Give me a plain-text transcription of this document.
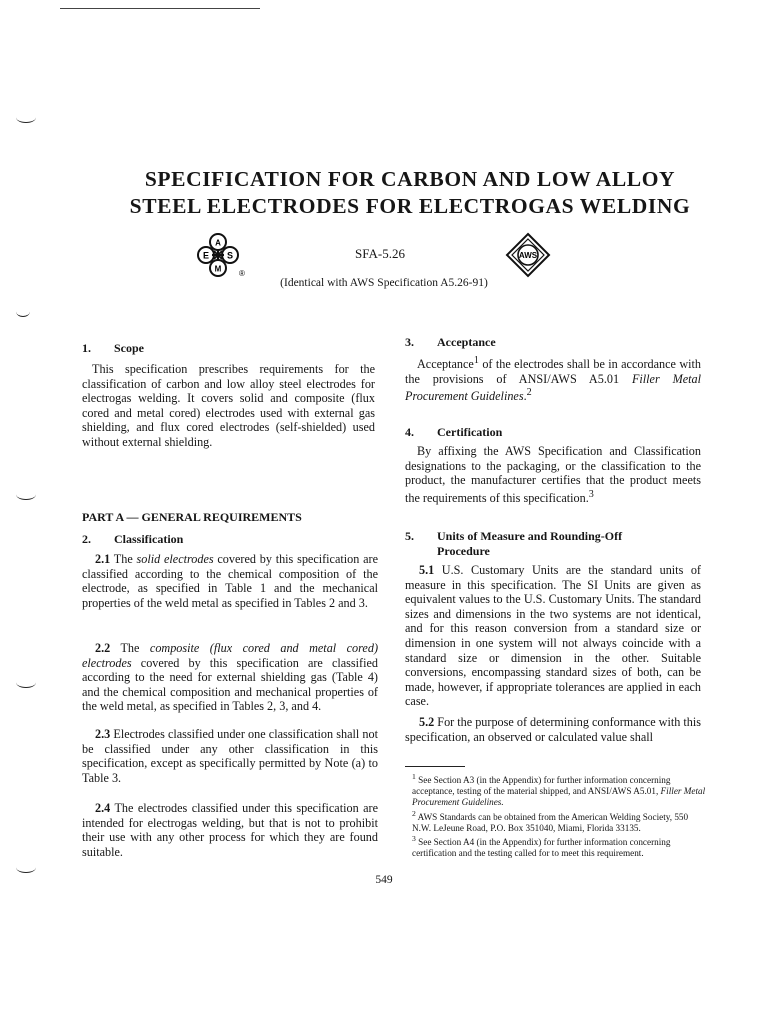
SPECIFICATION FOR CARBON AND LOW ALLOY
STEEL ELECTRODES FOR ELECTROGAS WELDING
A
E S
M ®
SFA-5.26	AWS
(Identical with AWS Specification A5.26-91)
1. Scope
This specification prescribes requirements for the classification of carbon and low alloy steel electrodes for electrogas welding. It covers solid and composite (flux cored and metal cored) electrodes used with external gas shielding, and flux cored electrodes (self-shielded) used without external shielding.
PART A — GENERAL REQUIREMENTS
2. Classification
2.1 The solid electrodes covered by this specification are classified according to the chemical composition of the electrode, as specified in Table 1 and the mechanical properties of the weld metal as specified in Tables 2 and 3.
2.2 The composite (flux cored and metal cored) electrodes covered by this specification are classified according to the need for external shielding gas (Table 4) and the chemical composition and mechanical properties of the weld metal, as specified in Tables 2, 3, and 4.
2.3 Electrodes classified under one classification shall not be classified under any other classification in this specification, except as specifically permitted by Note (a) to Table 3.
2.4 The electrodes classified under this specification are intended for electrogas welding, but that is not to prohibit their use with any other process for which they are found suitable.
3. Acceptance
Acceptance$^1$ of the electrodes shall be in accordance with the provisions of ANSI/AWS A5.01 Filler Metal Procurement Guidelines.$^2$
4. Certification
By affixing the AWS Specification and Classification designations to the packaging, or the classification to the product, the manufacturer certifies that the product meets the requirements of this specification.$^3$
5. Units of Measure and Rounding-Off
Procedure
5.1 U.S. Customary Units are the standard units of measure in this specification. The SI Units are given as equivalent values to the U.S. Customary Units. The standard sizes and dimensions in the two systems are not identical, and for this reason conversion from a standard size or dimension in one system will not always coincide with a standard size or dimension in the other. Suitable conversions, encompassing standard sizes of both, can be made, however, if appropriate tolerances are applied in each case.
5.2 For the purpose of determining conformance with this specification, an observed or calculated value shall
$^1$ See Section A3 (in the Appendix) for further information concerning acceptance, testing of the material shipped, and ANSI/AWS A5.01, Filler Metal Procurement Guidelines.
$^2$ AWS Standards can be obtained from the American Welding Society, 550 N.W. LeJeune Road, P.O. Box 351040, Miami, Florida 33135.
$^3$ See Section A4 (in the Appendix) for further information concerning certification and the testing called for to meet this requirement.
549
